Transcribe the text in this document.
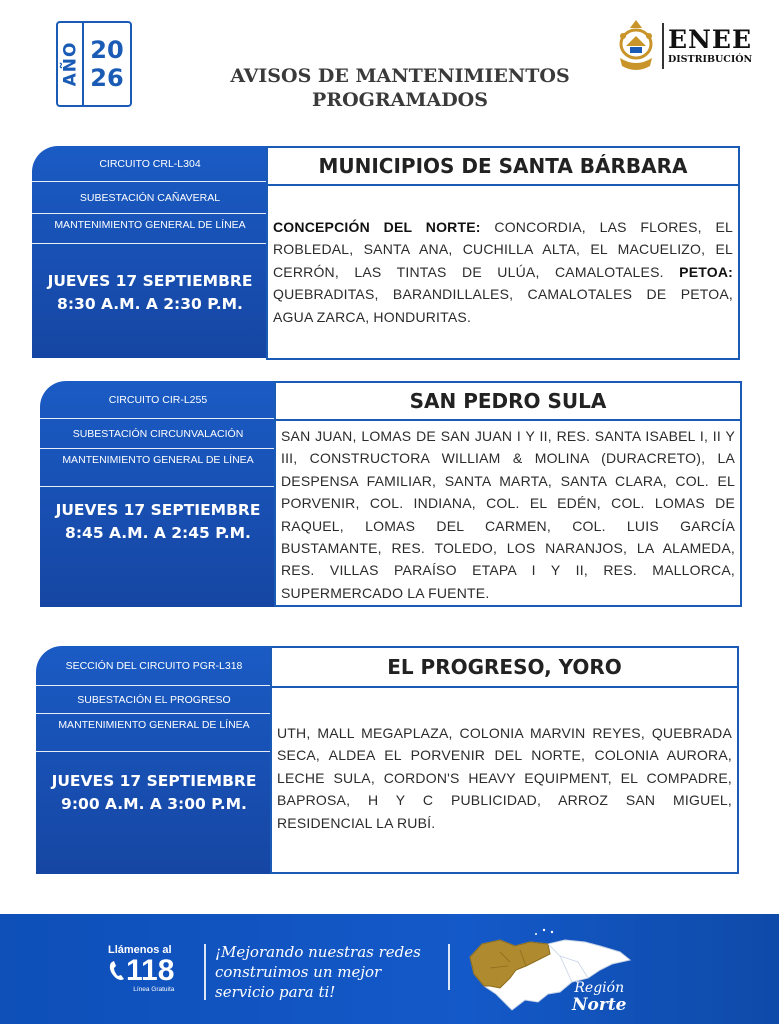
AÑO 20
26	AVISOS DE MANTENIMIENTOS
PROGRAMADOS
ENEE
DISTRIBUCIÓN
CIRCUITO CRL-L304
SUBESTACIÓN CAÑAVERAL
MANTENIMIENTO GENERAL DE LÍNEA
JUEVES 17 SEPTIEMBRE
8:30 A.M. A 2:30 P.M.
MUNICIPIOS DE SANTA BÁRBARA
CONCEPCIÓN DEL NORTE: CONCORDIA, LAS FLORES, EL ROBLEDAL, SANTA ANA, CUCHILLA ALTA, EL MACUELIZO, EL CERRÓN, LAS TINTAS DE ULÚA, CAMALOTALES. PETOA: QUEBRADITAS, BARANDILLALES, CAMALOTALES DE PETOA, AGUA ZARCA, HONDURITAS.
CIRCUITO CIR-L255
SUBESTACIÓN CIRCUNVALACIÓN
MANTENIMIENTO GENERAL DE LÍNEA
JUEVES 17 SEPTIEMBRE
8:45 A.M. A 2:45 P.M.
SAN PEDRO SULA
SAN JUAN, LOMAS DE SAN JUAN I Y II, RES. SANTA ISABEL I, II Y III, CONSTRUCTORA WILLIAM & MOLINA (DURACRETO), LA DESPENSA FAMILIAR, SANTA MARTA, SANTA CLARA, COL. EL PORVENIR, COL. INDIANA, COL. EL EDÉN, COL. LOMAS DE RAQUEL, LOMAS DEL CARMEN, COL. LUIS GARCÍA BUSTAMANTE, RES. TOLEDO, LOS NARANJOS, LA ALAMEDA, RES. VILLAS PARAÍSO ETAPA I Y II, RES. MALLORCA, SUPERMERCADO LA FUENTE.
SECCIÓN DEL CIRCUITO PGR-L318
SUBESTACIÓN EL PROGRESO
MANTENIMIENTO GENERAL DE LÍNEA
JUEVES 17 SEPTIEMBRE
9:00 A.M. A 3:00 P.M.
EL PROGRESO, YORO
UTH, MALL MEGAPLAZA, COLONIA MARVIN REYES, QUEBRADA SECA, ALDEA EL PORVENIR DEL NORTE, COLONIA AURORA, LECHE SULA, CORDON'S HEAVY EQUIPMENT, EL COMPADRE, BAPROSA, H Y C PUBLICIDAD, ARROZ SAN MIGUEL, RESIDENCIAL LA RUBÍ.
Llámenos al
118
Línea Gratuita
¡Mejorando nuestras redes
construimos un mejor
servicio para ti!	Región
Norte
